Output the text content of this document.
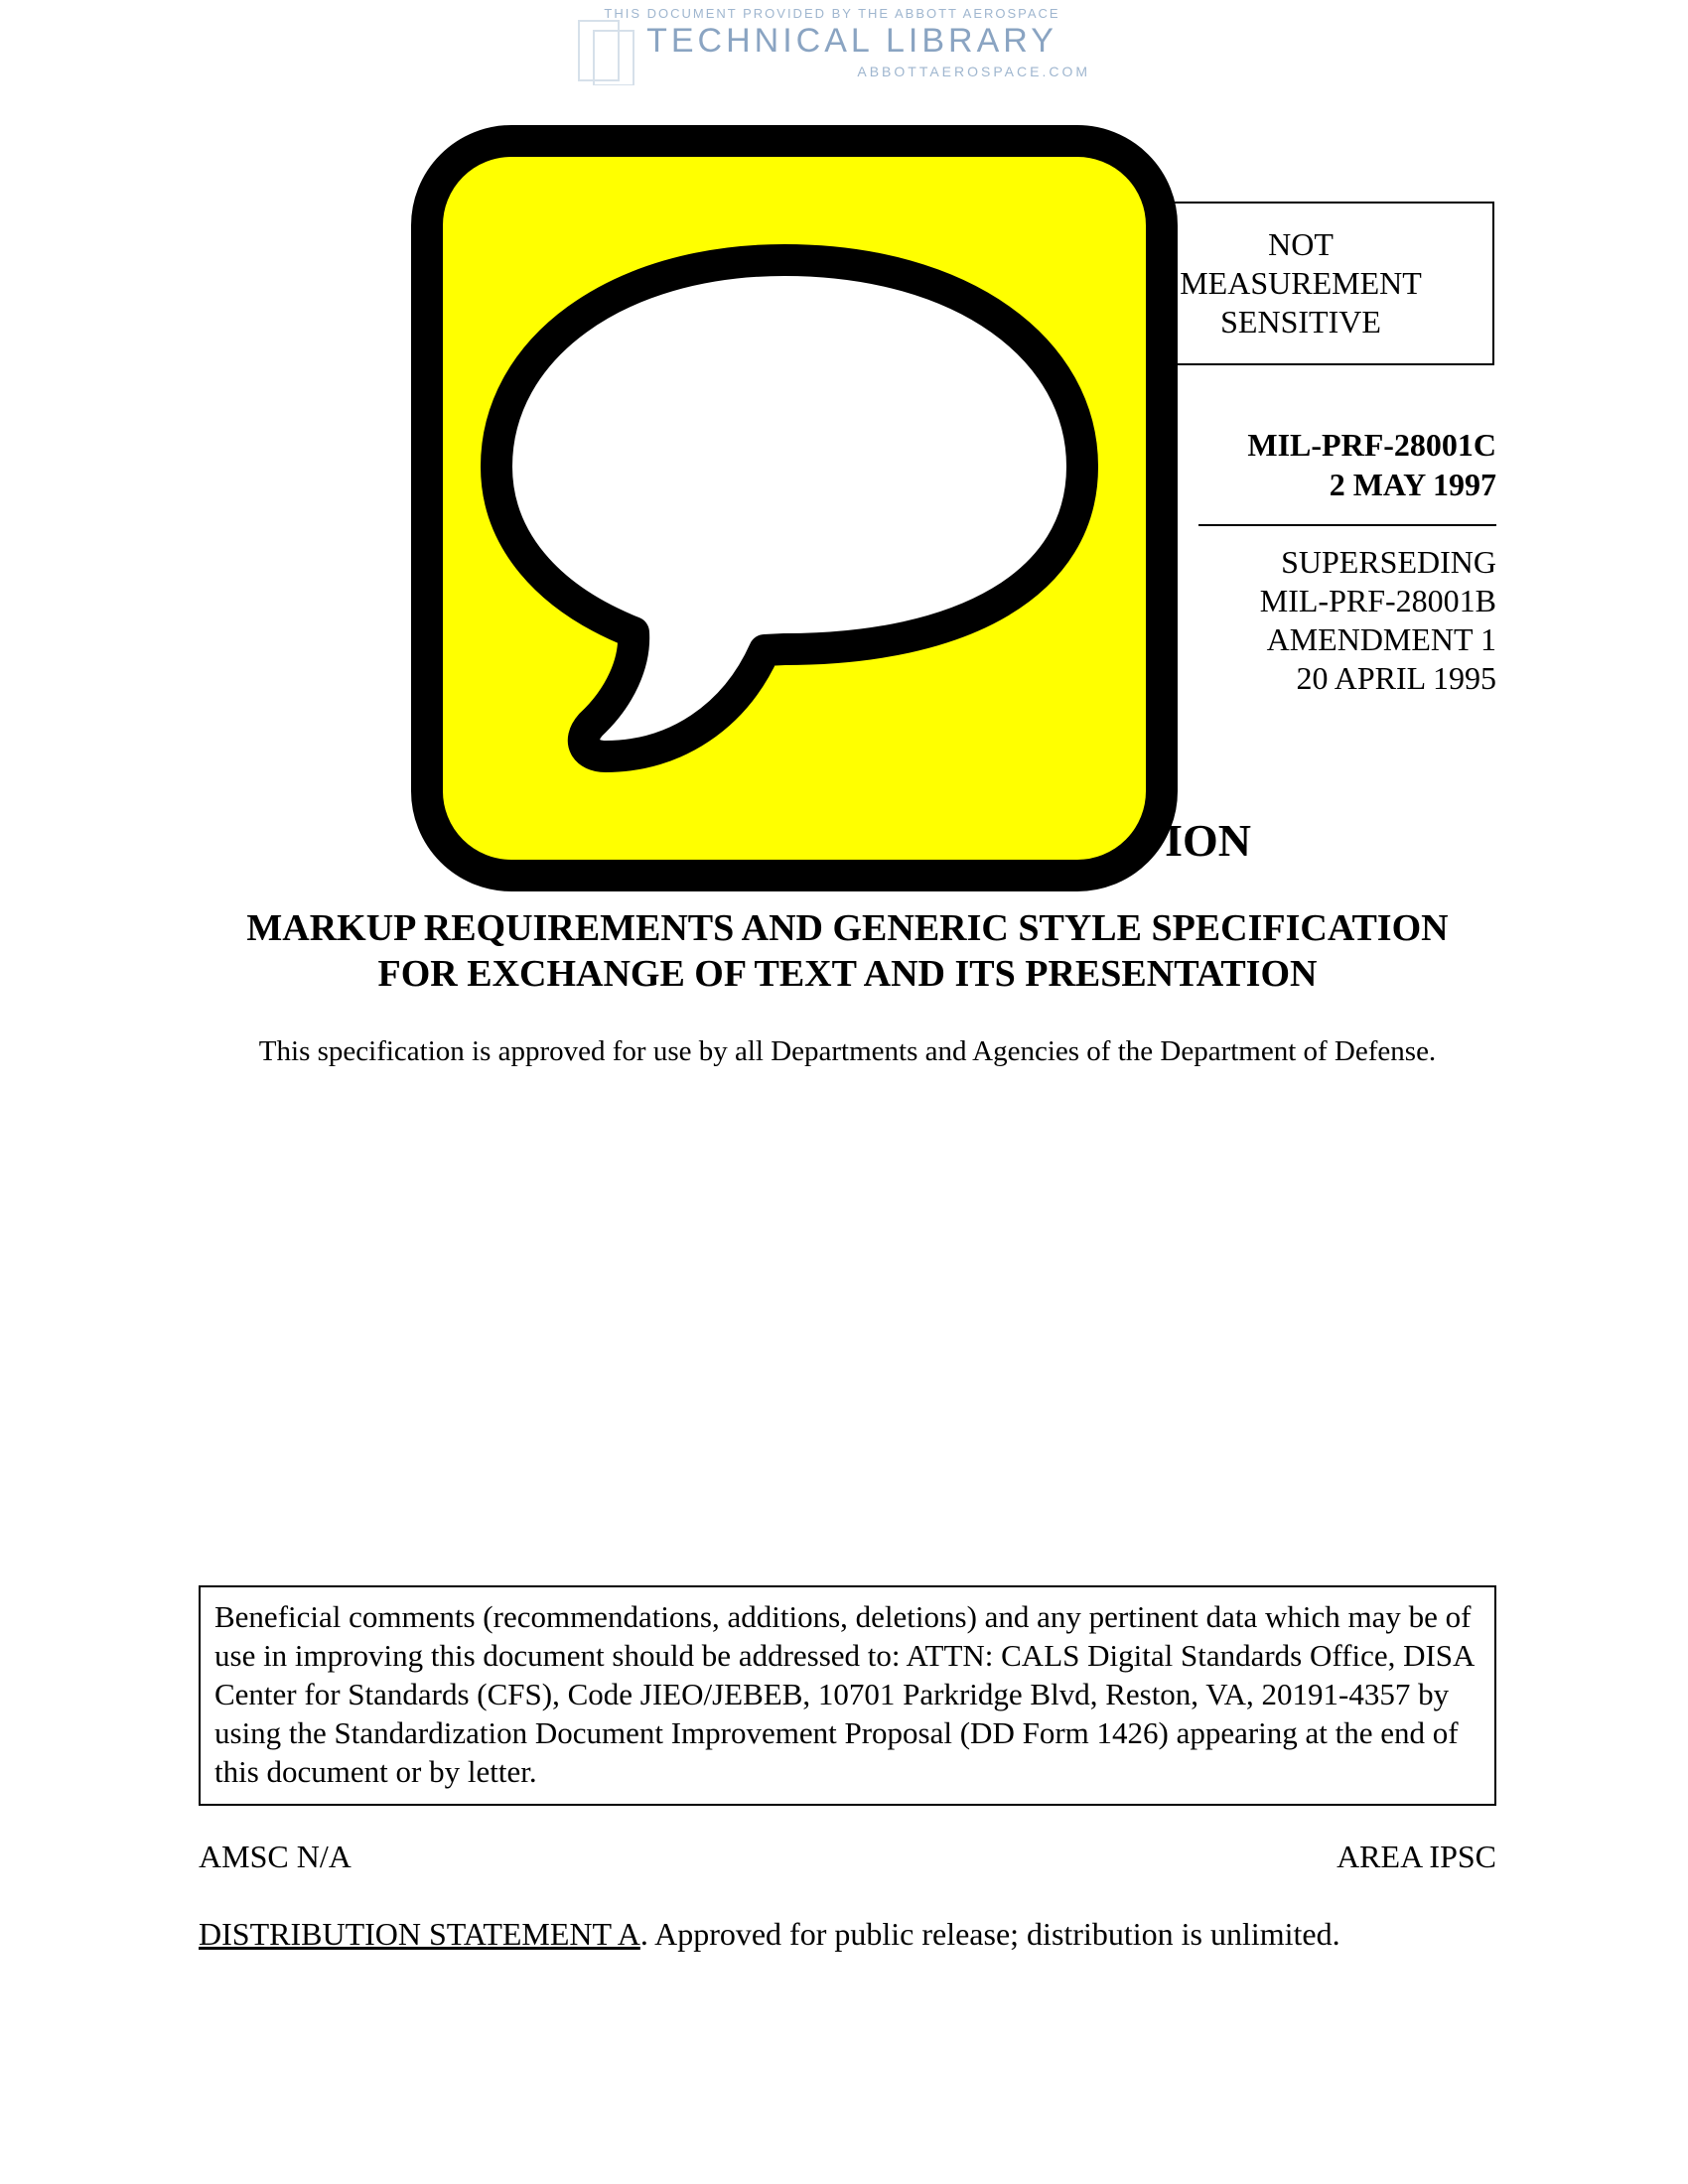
THIS DOCUMENT PROVIDED BY THE ABBOTT AEROSPACE
TECHNICAL LIBRARY
ABBOTTAEROSPACE.COM
NOT
MEASUREMENT
SENSITIVE
MIL-PRF-28001C
2 MAY 1997
SUPERSEDING
MIL-PRF-28001B
AMENDMENT 1
20 APRIL 1995
ION
MARKUP REQUIREMENTS AND GENERIC STYLE SPECIFICATION
FOR EXCHANGE OF TEXT AND ITS PRESENTATION
This specification is approved for use by all Departments and Agencies of the Department of Defense.
Beneficial comments (recommendations, additions, deletions) and any pertinent data which may be of use in improving this document should be addressed to: ATTN: CALS Digital Standards Office, DISA Center for Standards (CFS), Code JIEO/JEBEB, 10701 Parkridge Blvd, Reston, VA, 20191-4357 by using the Standardization Document Improvement Proposal (DD Form 1426) appearing at the end of this document or by letter.
AMSC N/A	AREA IPSC
DISTRIBUTION STATEMENT A. Approved for public release; distribution is unlimited.
